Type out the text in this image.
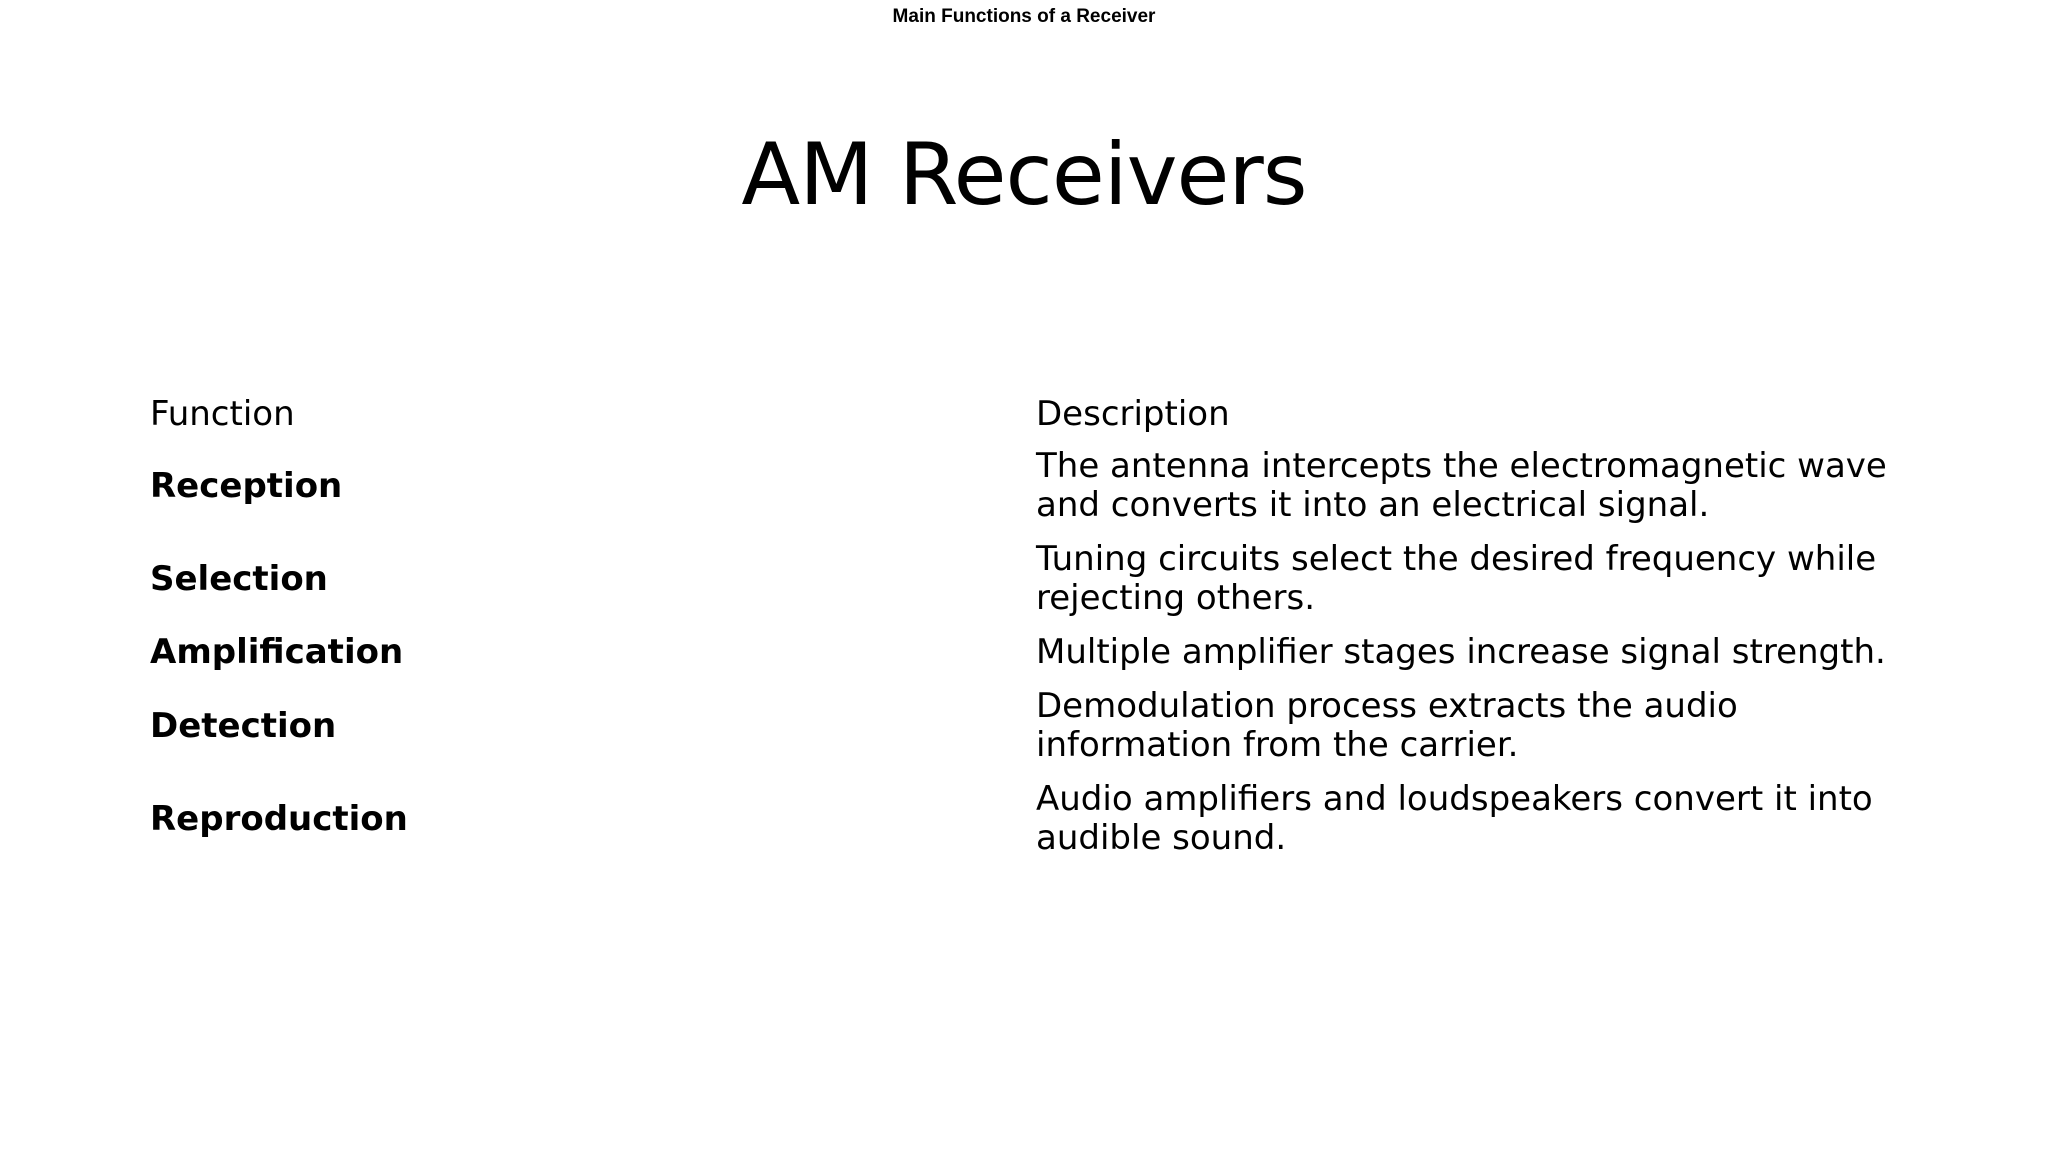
Main Functions of a Receiver
AM Receivers
Function	Description
Reception	The antenna intercepts the electromagnetic wave and converts it into an electrical signal.
Selection	Tuning circuits select the desired frequency while rejecting others.
Amplification	Multiple amplifier stages increase signal strength.
Detection	Demodulation process extracts the audio information from the carrier.
Reproduction	Audio amplifiers and loudspeakers convert it into audible sound.
